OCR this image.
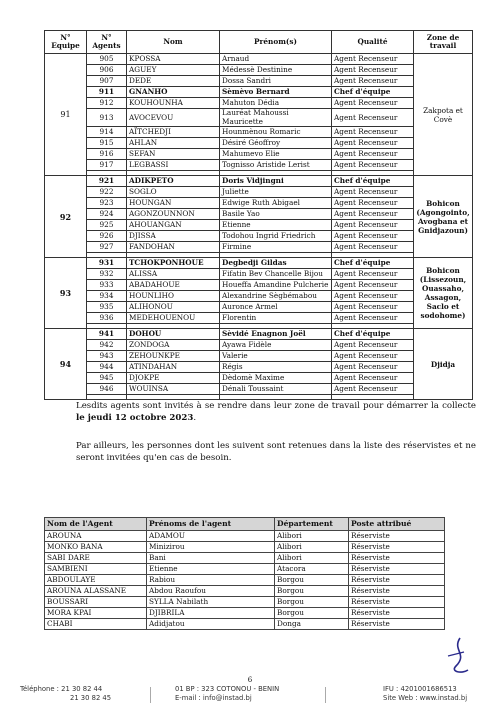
N° Equipe	N° Agents	Nom	Prénom(s)	Qualité	Zone de travail
91	905	KPOSSA	Arnaud	Agent Recenseur	Zakpota et Covè
	906	AGUEY	Médessè Destinine	Agent Recenseur	
	907	DEDE	Dossa Sandri	Agent Recenseur	
	911	GNANHO	Sèmèvo Bernard	Chef d'équipe	
	912	KOUHOUNHA	Mahuton Dédia	Agent Recenseur	
	913	AVOCEVOU	Lauréat Mahoussi Mauricette	Agent Recenseur	
	914	AÏTCHEDJI	Hounmènou Romaric	Agent Recenseur	
	915	AHLAN	Désiré Géoffroy	Agent Recenseur	
	916	SEFAN	Mahumevo Elie	Agent Recenseur	
	917	LEGBASSI	Tognisso Aristide Lerist	Agent Recenseur	

92	921	ADIKPETO	Doris Vidjingni	Chef d'équipe	Bohicon (Agongointo, Avogbana et Gnidjazoun)
	922	SOGLO	Juliette	Agent Recenseur	
	923	HOUNGAN	Edwige Ruth Abigael	Agent Recenseur	
	924	AGONZOUNNON	Basile Yao	Agent Recenseur	
	925	AHOUANGAN	Etienne	Agent Recenseur	
	926	DJISSA	Todohou Ingrid Friedrich	Agent Recenseur	
	927	FANDOHAN	Firmine	Agent Recenseur	

93	931	TCHOKPONHOUE	Degbedji Gildas	Chef d'équipe	Bohicon (Lissezoun, Ouassaho, Assagon, Saclo et sodohome)
	932	ALISSA	Fifatin Bev Chancelle Bijou	Agent Recenseur	
	933	ABADAHOUE	Houeffa Amandine Pulcherie	Agent Recenseur	
	934	HOUNLIHO	Alexandrine Sègbémabou	Agent Recenseur	
	935	ALIHONOU	Auronce Armel	Agent Recenseur	
	936	MEDEHOUENOU	Florentin	Agent Recenseur	

94	941	DOHOU	Sèvidé Enagnon Joël	Chef d'équipe	Djidja
	942	ZONDOGA	Ayawa Fidèle	Agent Recenseur	
	943	ZEHOUNKPE	Valerie	Agent Recenseur	
	944	ATINDAHAN	Régis	Agent Recenseur	
	945	DJOKPE	Dèdomè Maxime	Agent Recenseur	
	946	WOUINSA	Dénali Toussaint	Agent Recenseur	

Lesdits agents sont invités à se rendre dans leur zone de travail pour démarrer la collecte le jeudi 12 octobre 2023.

Par ailleurs, les personnes dont les suivent sont retenues dans la liste des réservistes et ne seront invitées qu'en cas de besoin.

Nom de l'Agent	Prénoms de l'agent	Département	Poste attribué
AROUNA	ADAMOU	Alibori	Réserviste
MONKO BANA	Minizirou	Alibori	Réserviste
SABI DARE	Bani	Alibori	Réserviste
SAMBIENI	Etienne	Atacora	Réserviste
ABDOULAYE	Rabiou	Borgou	Réserviste
AROUNA ALASSANE	Abdou Raoufou	Borgou	Réserviste
BOUSSARI	SYLLA Nabilath	Borgou	Réserviste
MORA KPAI	DJIBRILA	Borgou	Réserviste
CHABI	Adidjatou	Donga	Réserviste
6
Téléphone : 21 30 82 44
21 30 82 45
01 BP : 323 COTONOU - BENIN
E-mail : info@instad.bj
IFU : 4201001686513
Site Web : www.instad.bj
